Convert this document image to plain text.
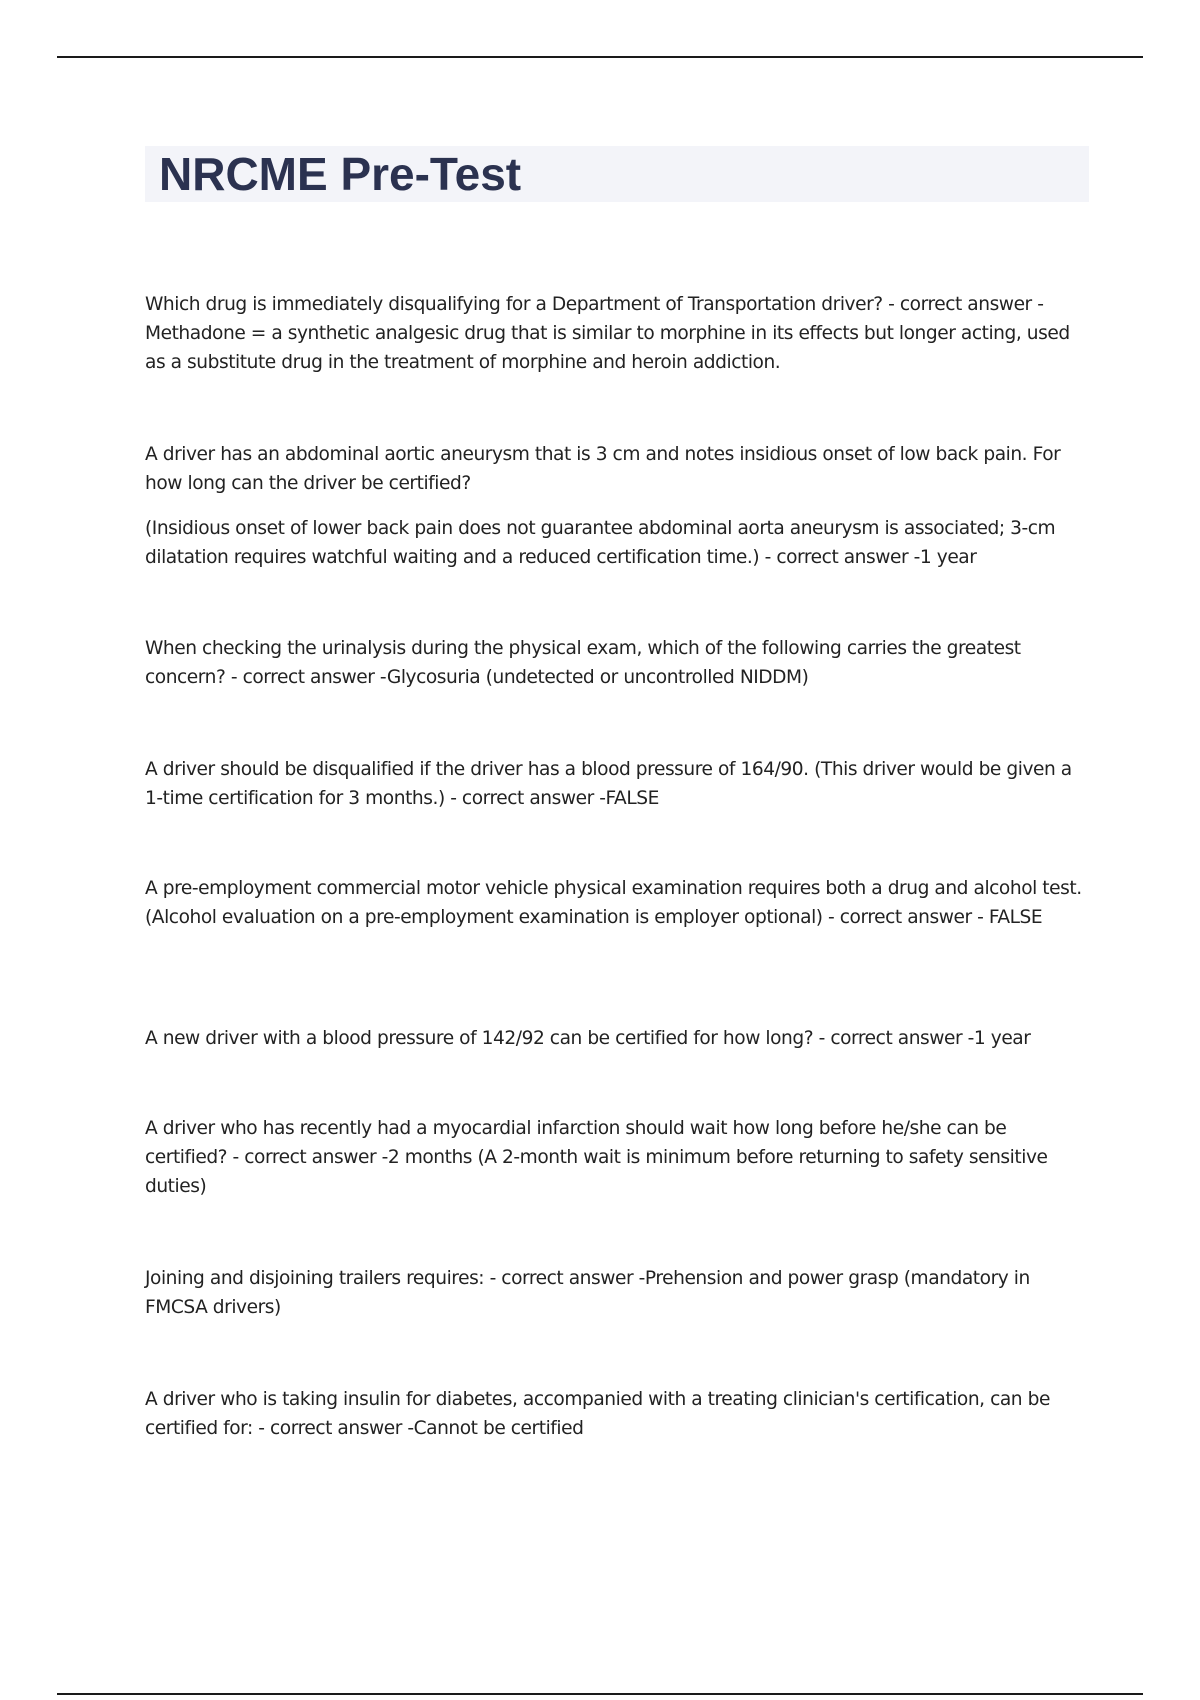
NRCME Pre-Test

Which drug is immediately disqualifying for a Department of Transportation driver? - correct answer - Methadone = a synthetic analgesic drug that is similar to morphine in its effects but longer acting, used as a substitute drug in the treatment of morphine and heroin addiction.

A driver has an abdominal aortic aneurysm that is 3 cm and notes insidious onset of low back pain. For how long can the driver be certified?

(Insidious onset of lower back pain does not guarantee abdominal aorta aneurysm is associated; 3-cm dilatation requires watchful waiting and a reduced certification time.) - correct answer -1 year

When checking the urinalysis during the physical exam, which of the following carries the greatest concern? - correct answer -Glycosuria (undetected or uncontrolled NIDDM)

A driver should be disqualified if the driver has a blood pressure of 164/90. (This driver would be given a 1-time certification for 3 months.) - correct answer -FALSE

A pre-employment commercial motor vehicle physical examination requires both a drug and alcohol test. (Alcohol evaluation on a pre-employment examination is employer optional) - correct answer - FALSE

A new driver with a blood pressure of 142/92 can be certified for how long? - correct answer -1 year

A driver who has recently had a myocardial infarction should wait how long before he/she can be certified? - correct answer -2 months (A 2-month wait is minimum before returning to safety sensitive duties)

Joining and disjoining trailers requires: - correct answer -Prehension and power grasp (mandatory in FMCSA drivers)

A driver who is taking insulin for diabetes, accompanied with a treating clinician's certification, can be certified for: - correct answer -Cannot be certified
